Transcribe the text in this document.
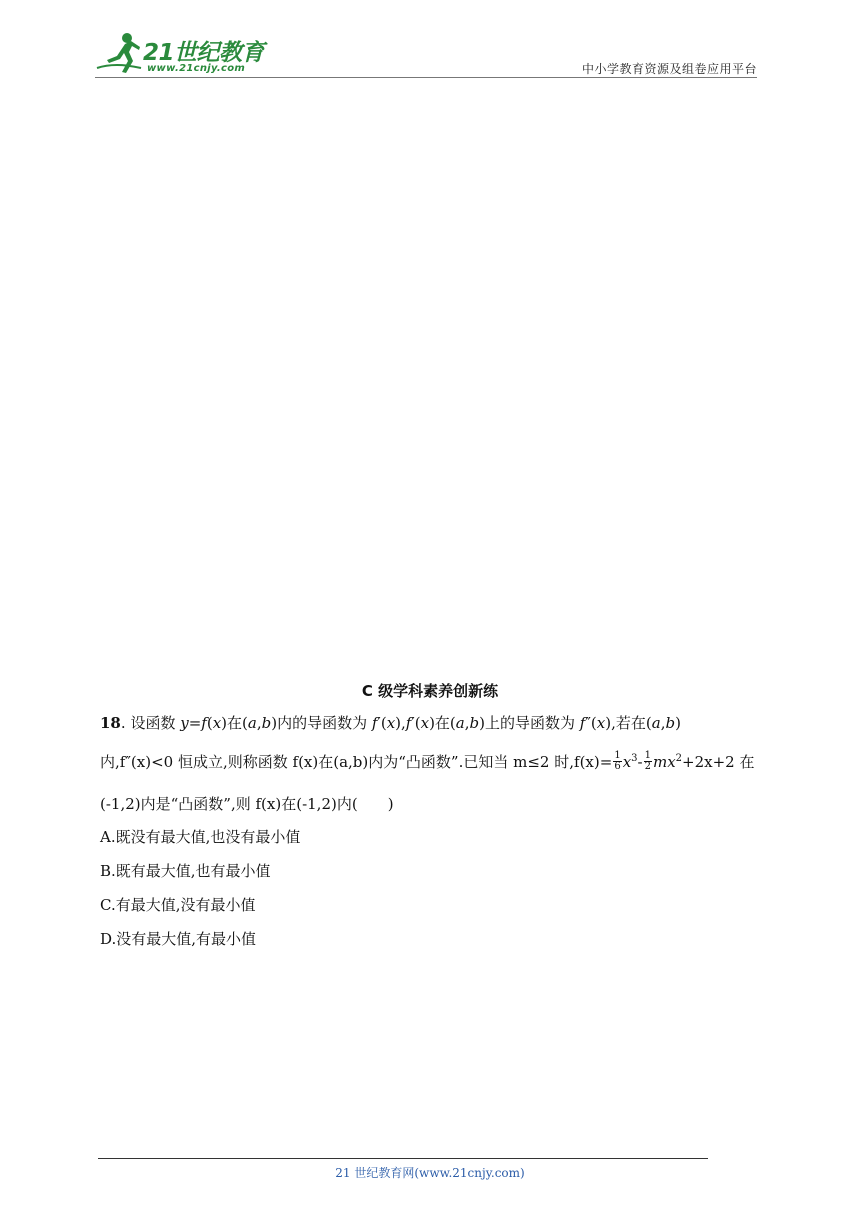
21世纪教育
www.21cnjy.com	中小学教育资源及组卷应用平台
C 级学科素养创新练
18. 设函数 y=f(x)在(a,b)内的导函数为 f′(x),f′(x)在(a,b)上的导函数为 f″(x),若在(a,b)
内,f″(x)<0 恒成立,则称函数 f(x)在(a,b)内为“凸函数”.已知当 m≤2 时$,f(x)= \frac{1}{6} x^3- \frac{1}{2} mx^2+2x+2$ 在
(-1,2)内是“凸函数”,则 f(x)在(-1,2)内(　　)
A.既没有最大值,也没有最小值
B.既有最大值,也有最小值
C.有最大值,没有最小值
D.没有最大值,有最小值
21 世纪教育网(www.21cnjy.com)
